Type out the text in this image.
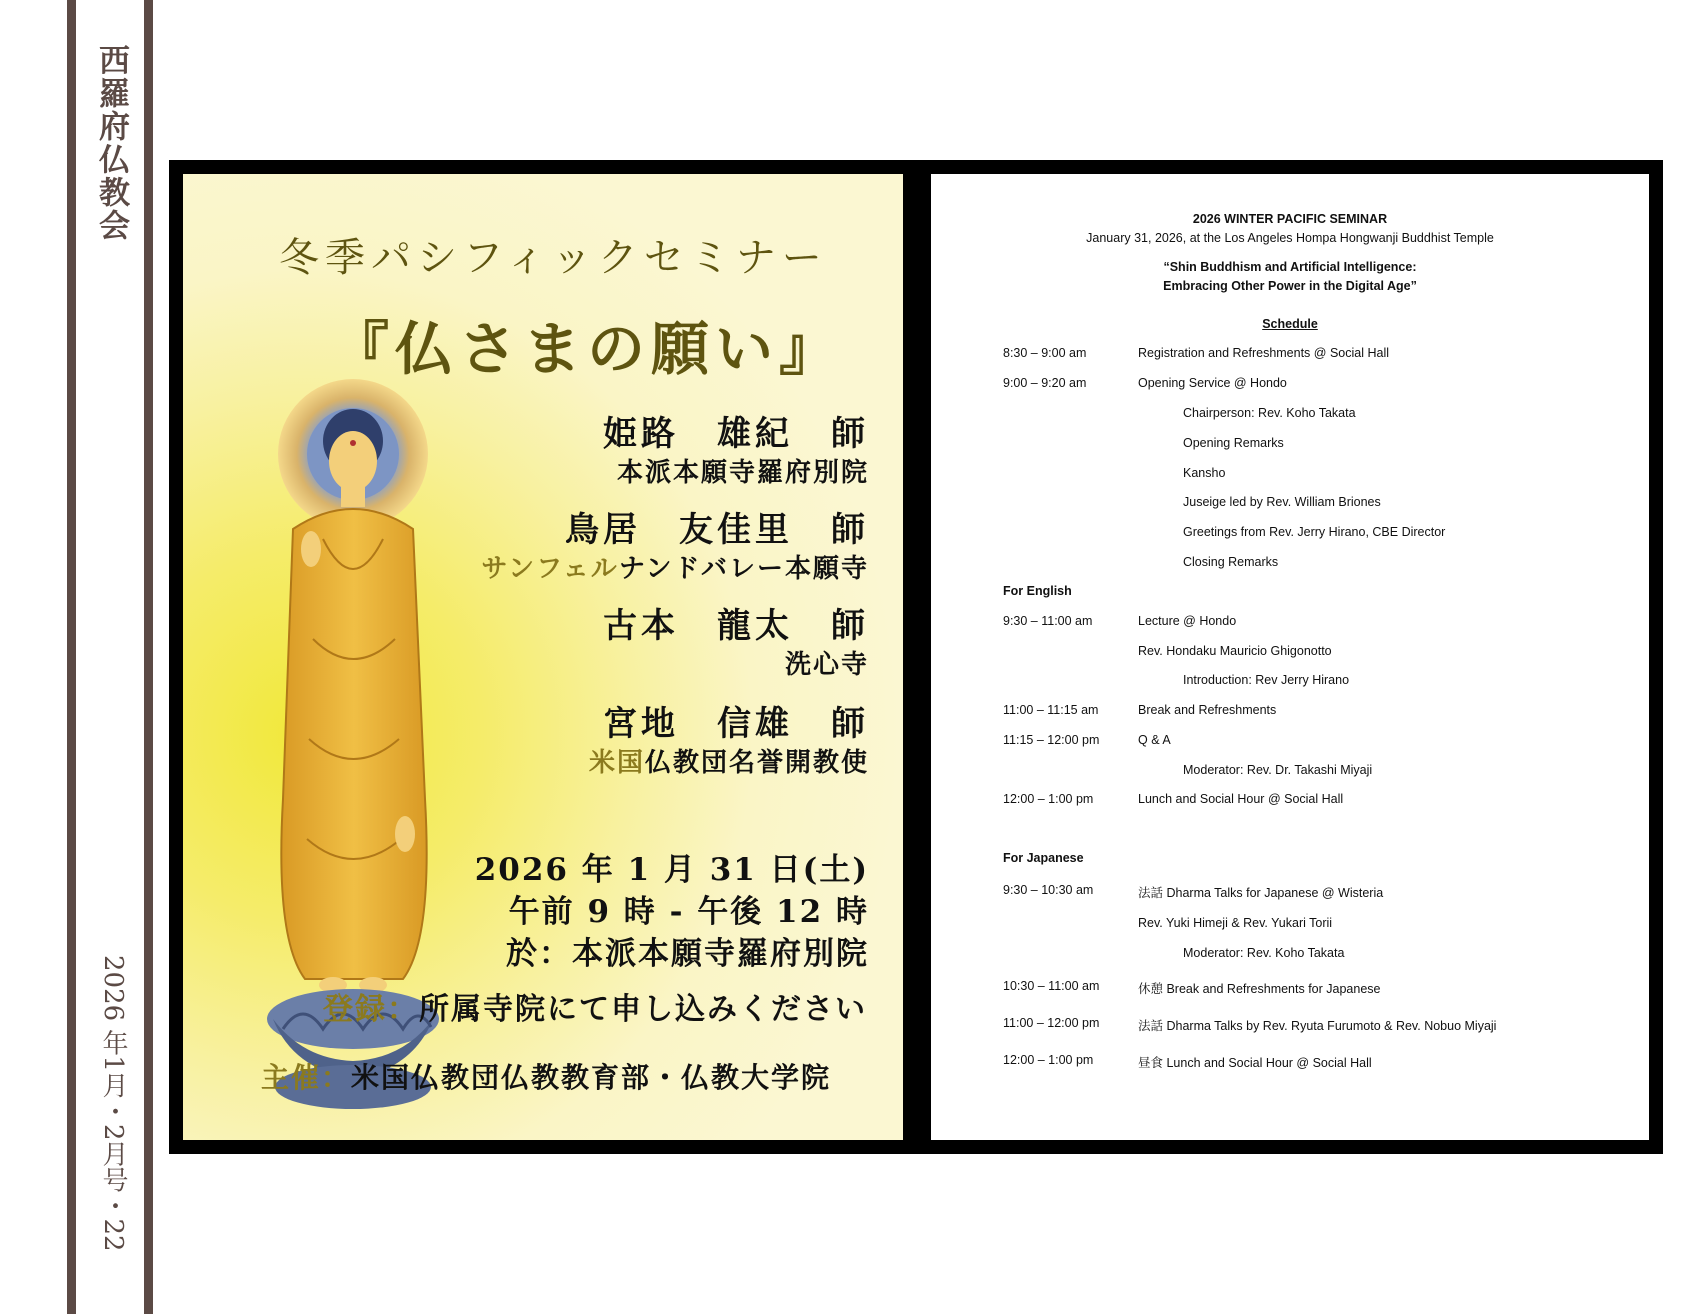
西羅府仏教会
2026 年1月・2月号・22
冬季パシフィックセミナー
『仏さまの願い』
姫路　雄紀　師
本派本願寺羅府別院
鳥居　友佳里　師
サンフェルナンドバレー本願寺
古本　龍太　師
洗心寺
宮地　信雄　師
米国仏教団名誉開教使
2026 年 1 月 31 日(土)
午前 9 時 - 午後 12 時
於：本派本願寺羅府別院
登録：所属寺院にて申し込みください
主催：米国仏教団仏教教育部・仏教大学院
2026 WINTER PACIFIC SEMINAR
January 31, 2026, at the Los Angeles Hompa Hongwanji Buddhist Temple
“Shin Buddhism and Artificial Intelligence:
Embracing Other Power in the Digital Age”
Schedule
8:30 – 9:00 am	Registration and Refreshments @ Social Hall
9:00 – 9:20 am	Opening Service @ Hondo
Chairperson: Rev. Koho Takata
Opening Remarks
Kansho
Juseige led by Rev. William Briones
Greetings from Rev. Jerry Hirano, CBE Director
Closing Remarks
For English
9:30 – 11:00 am	Lecture @ Hondo
Rev. Hondaku Mauricio Ghigonotto
Introduction: Rev Jerry Hirano
11:00 – 11:15 am	Break and Refreshments
11:15 – 12:00 pm	Q & A
Moderator: Rev. Dr. Takashi Miyaji
12:00 – 1:00 pm	Lunch and Social Hour @ Social Hall
For Japanese
9:30 – 10:30 am	法話 Dharma Talks for Japanese @ Wisteria
Rev. Yuki Himeji & Rev. Yukari Torii
Moderator: Rev. Koho Takata
10:30 – 11:00 am	休憩 Break and Refreshments for Japanese
11:00 – 12:00 pm	法話 Dharma Talks by Rev. Ryuta Furumoto & Rev. Nobuo Miyaji
12:00 – 1:00 pm	昼食 Lunch and Social Hour @ Social Hall
